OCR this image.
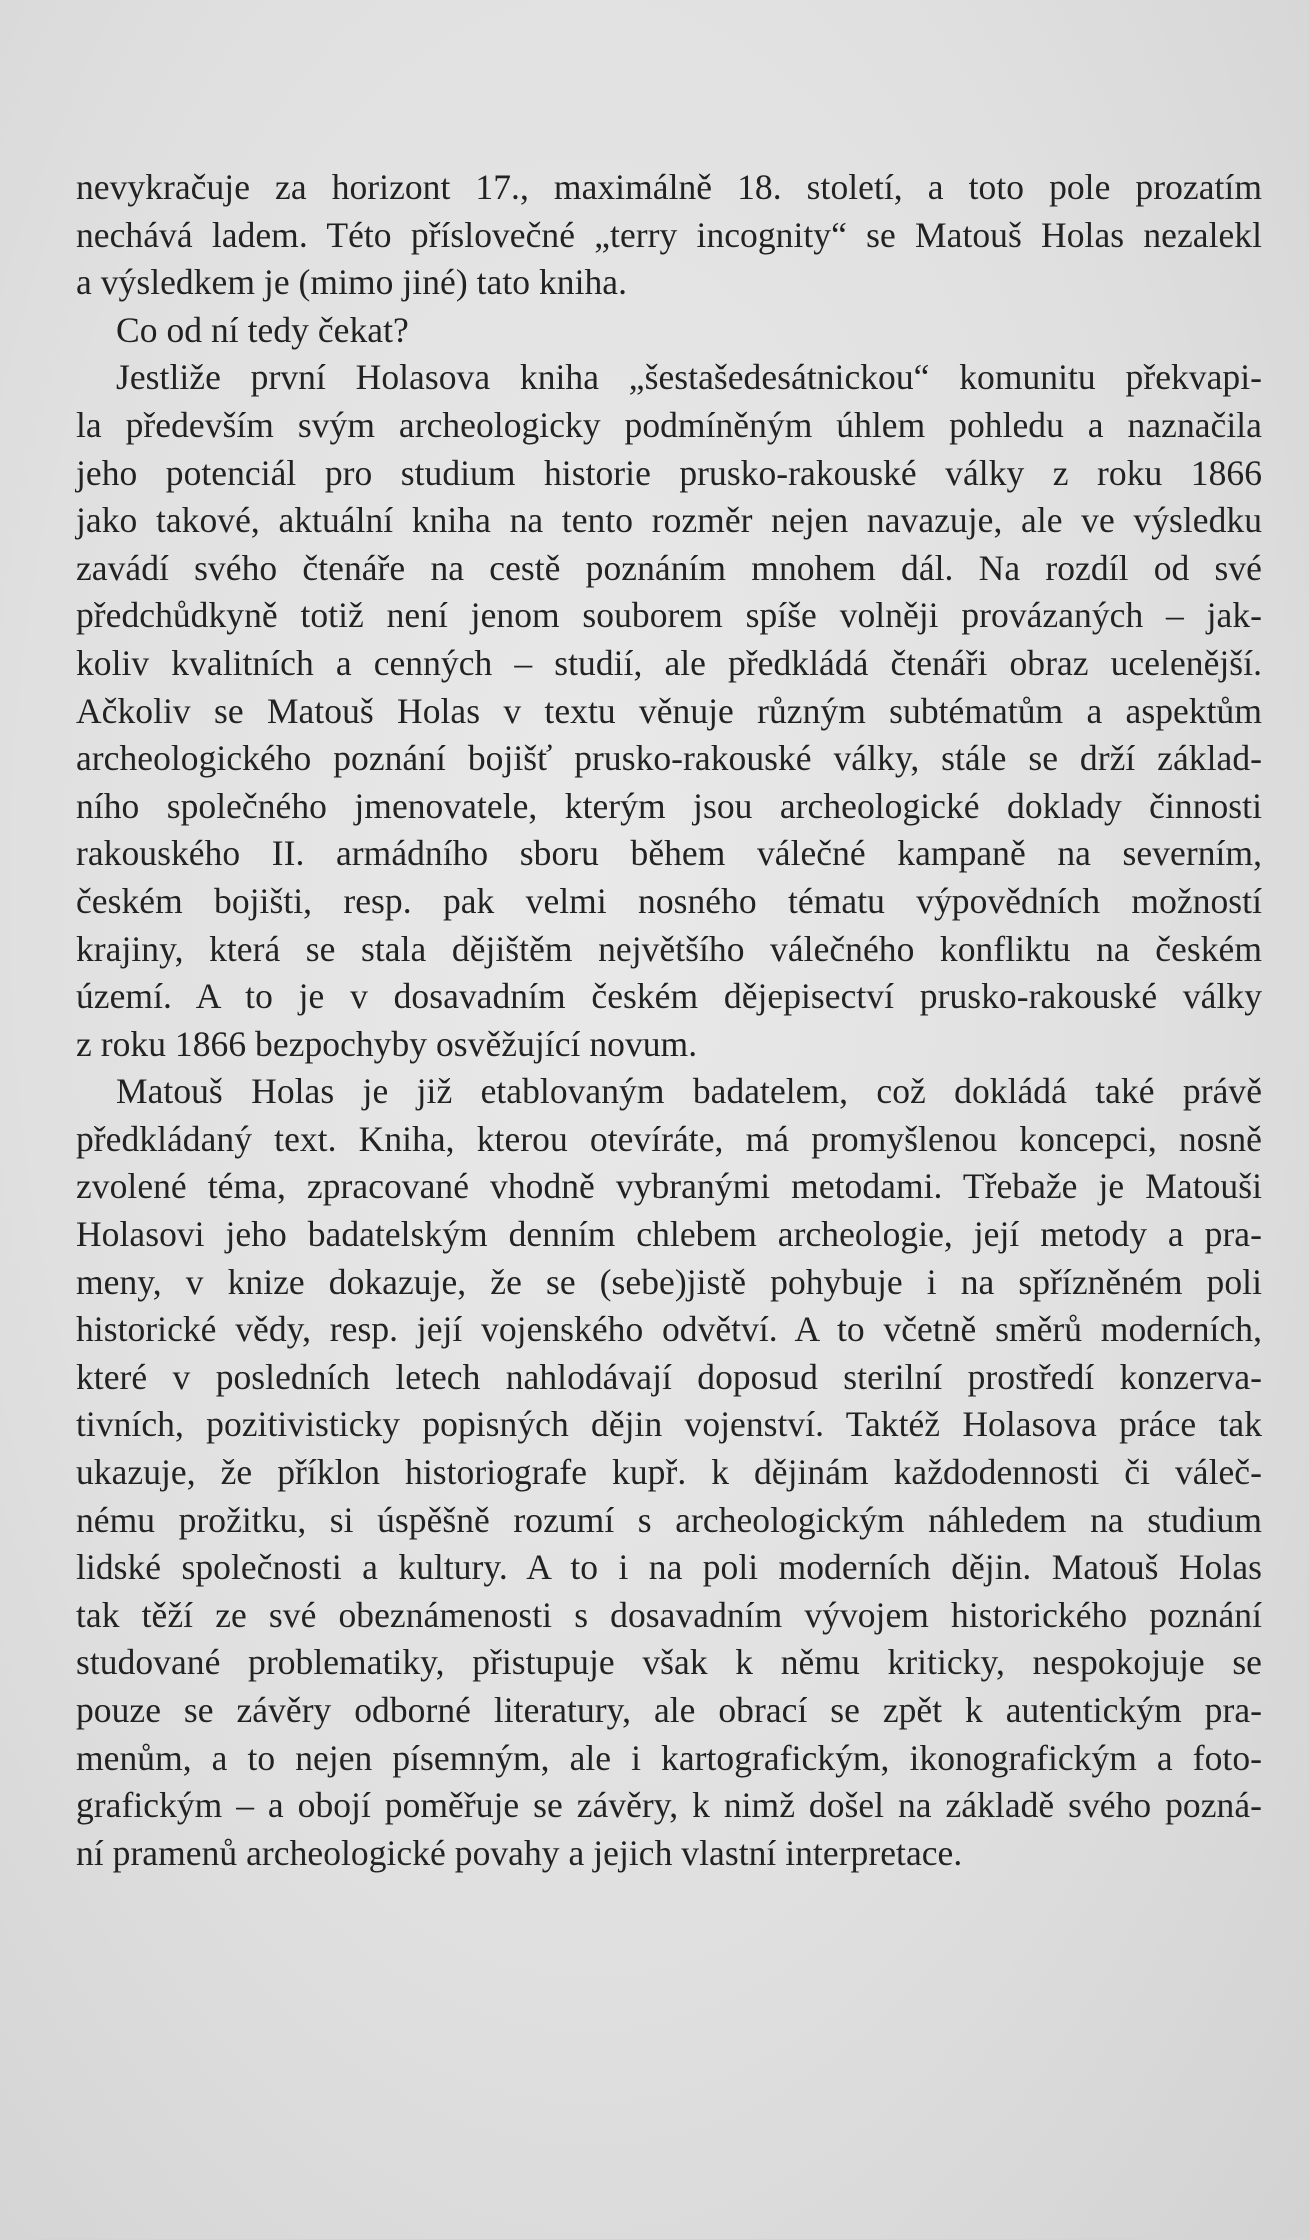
nevykračuje za horizont 17., maximálně 18. století, a toto pole prozatím
nechává ladem. Této příslovečné „terry incognity“ se Matouš Holas nezalekl
a výsledkem je (mimo jiné) tato kniha.
Co od ní tedy čekat?
Jestliže první Holasova kniha „šestašedesátnickou“ komunitu překvapi-
la především svým archeologicky podmíněným úhlem pohledu a naznačila
jeho potenciál pro studium historie prusko-rakouské války z roku 1866
jako takové, aktuální kniha na tento rozměr nejen navazuje, ale ve výsledku
zavádí svého čtenáře na cestě poznáním mnohem dál. Na rozdíl od své
předchůdkyně totiž není jenom souborem spíše volněji provázaných – jak-
koliv kvalitních a cenných – studií, ale předkládá čtenáři obraz ucelenější.
Ačkoliv se Matouš Holas v textu věnuje různým subtématům a aspektům
archeologického poznání bojišť prusko-rakouské války, stále se drží základ-
ního společného jmenovatele, kterým jsou archeologické doklady činnosti
rakouského II. armádního sboru během válečné kampaně na severním,
českém bojišti, resp. pak velmi nosného tématu výpovědních možností
krajiny, která se stala dějištěm největšího válečného konfliktu na českém
území. A to je v dosavadním českém dějepisectví prusko-rakouské války
z roku 1866 bezpochyby osvěžující novum.
Matouš Holas je již etablovaným badatelem, což dokládá také právě
předkládaný text. Kniha, kterou otevíráte, má promyšlenou koncepci, nosně
zvolené téma, zpracované vhodně vybranými metodami. Třebaže je Matouši
Holasovi jeho badatelským denním chlebem archeologie, její metody a pra-
meny, v knize dokazuje, že se (sebe)jistě pohybuje i na spřízněném poli
historické vědy, resp. její vojenského odvětví. A to včetně směrů moderních,
které v posledních letech nahlodávají doposud sterilní prostředí konzerva-
tivních, pozitivisticky popisných dějin vojenství. Taktéž Holasova práce tak
ukazuje, že příklon historiografe kupř. k dějinám každodennosti či váleč-
nému prožitku, si úspěšně rozumí s archeologickým náhledem na studium
lidské společnosti a kultury. A to i na poli moderních dějin. Matouš Holas
tak těží ze své obeznámenosti s dosavadním vývojem historického poznání
studované problematiky, přistupuje však k němu kriticky, nespokojuje se
pouze se závěry odborné literatury, ale obrací se zpět k autentickým pra-
menům, a to nejen písemným, ale i kartografickým, ikonografickým a foto-
grafickým – a obojí poměřuje se závěry, k nimž došel na základě svého pozná-
ní pramenů archeologické povahy a jejich vlastní interpretace.
